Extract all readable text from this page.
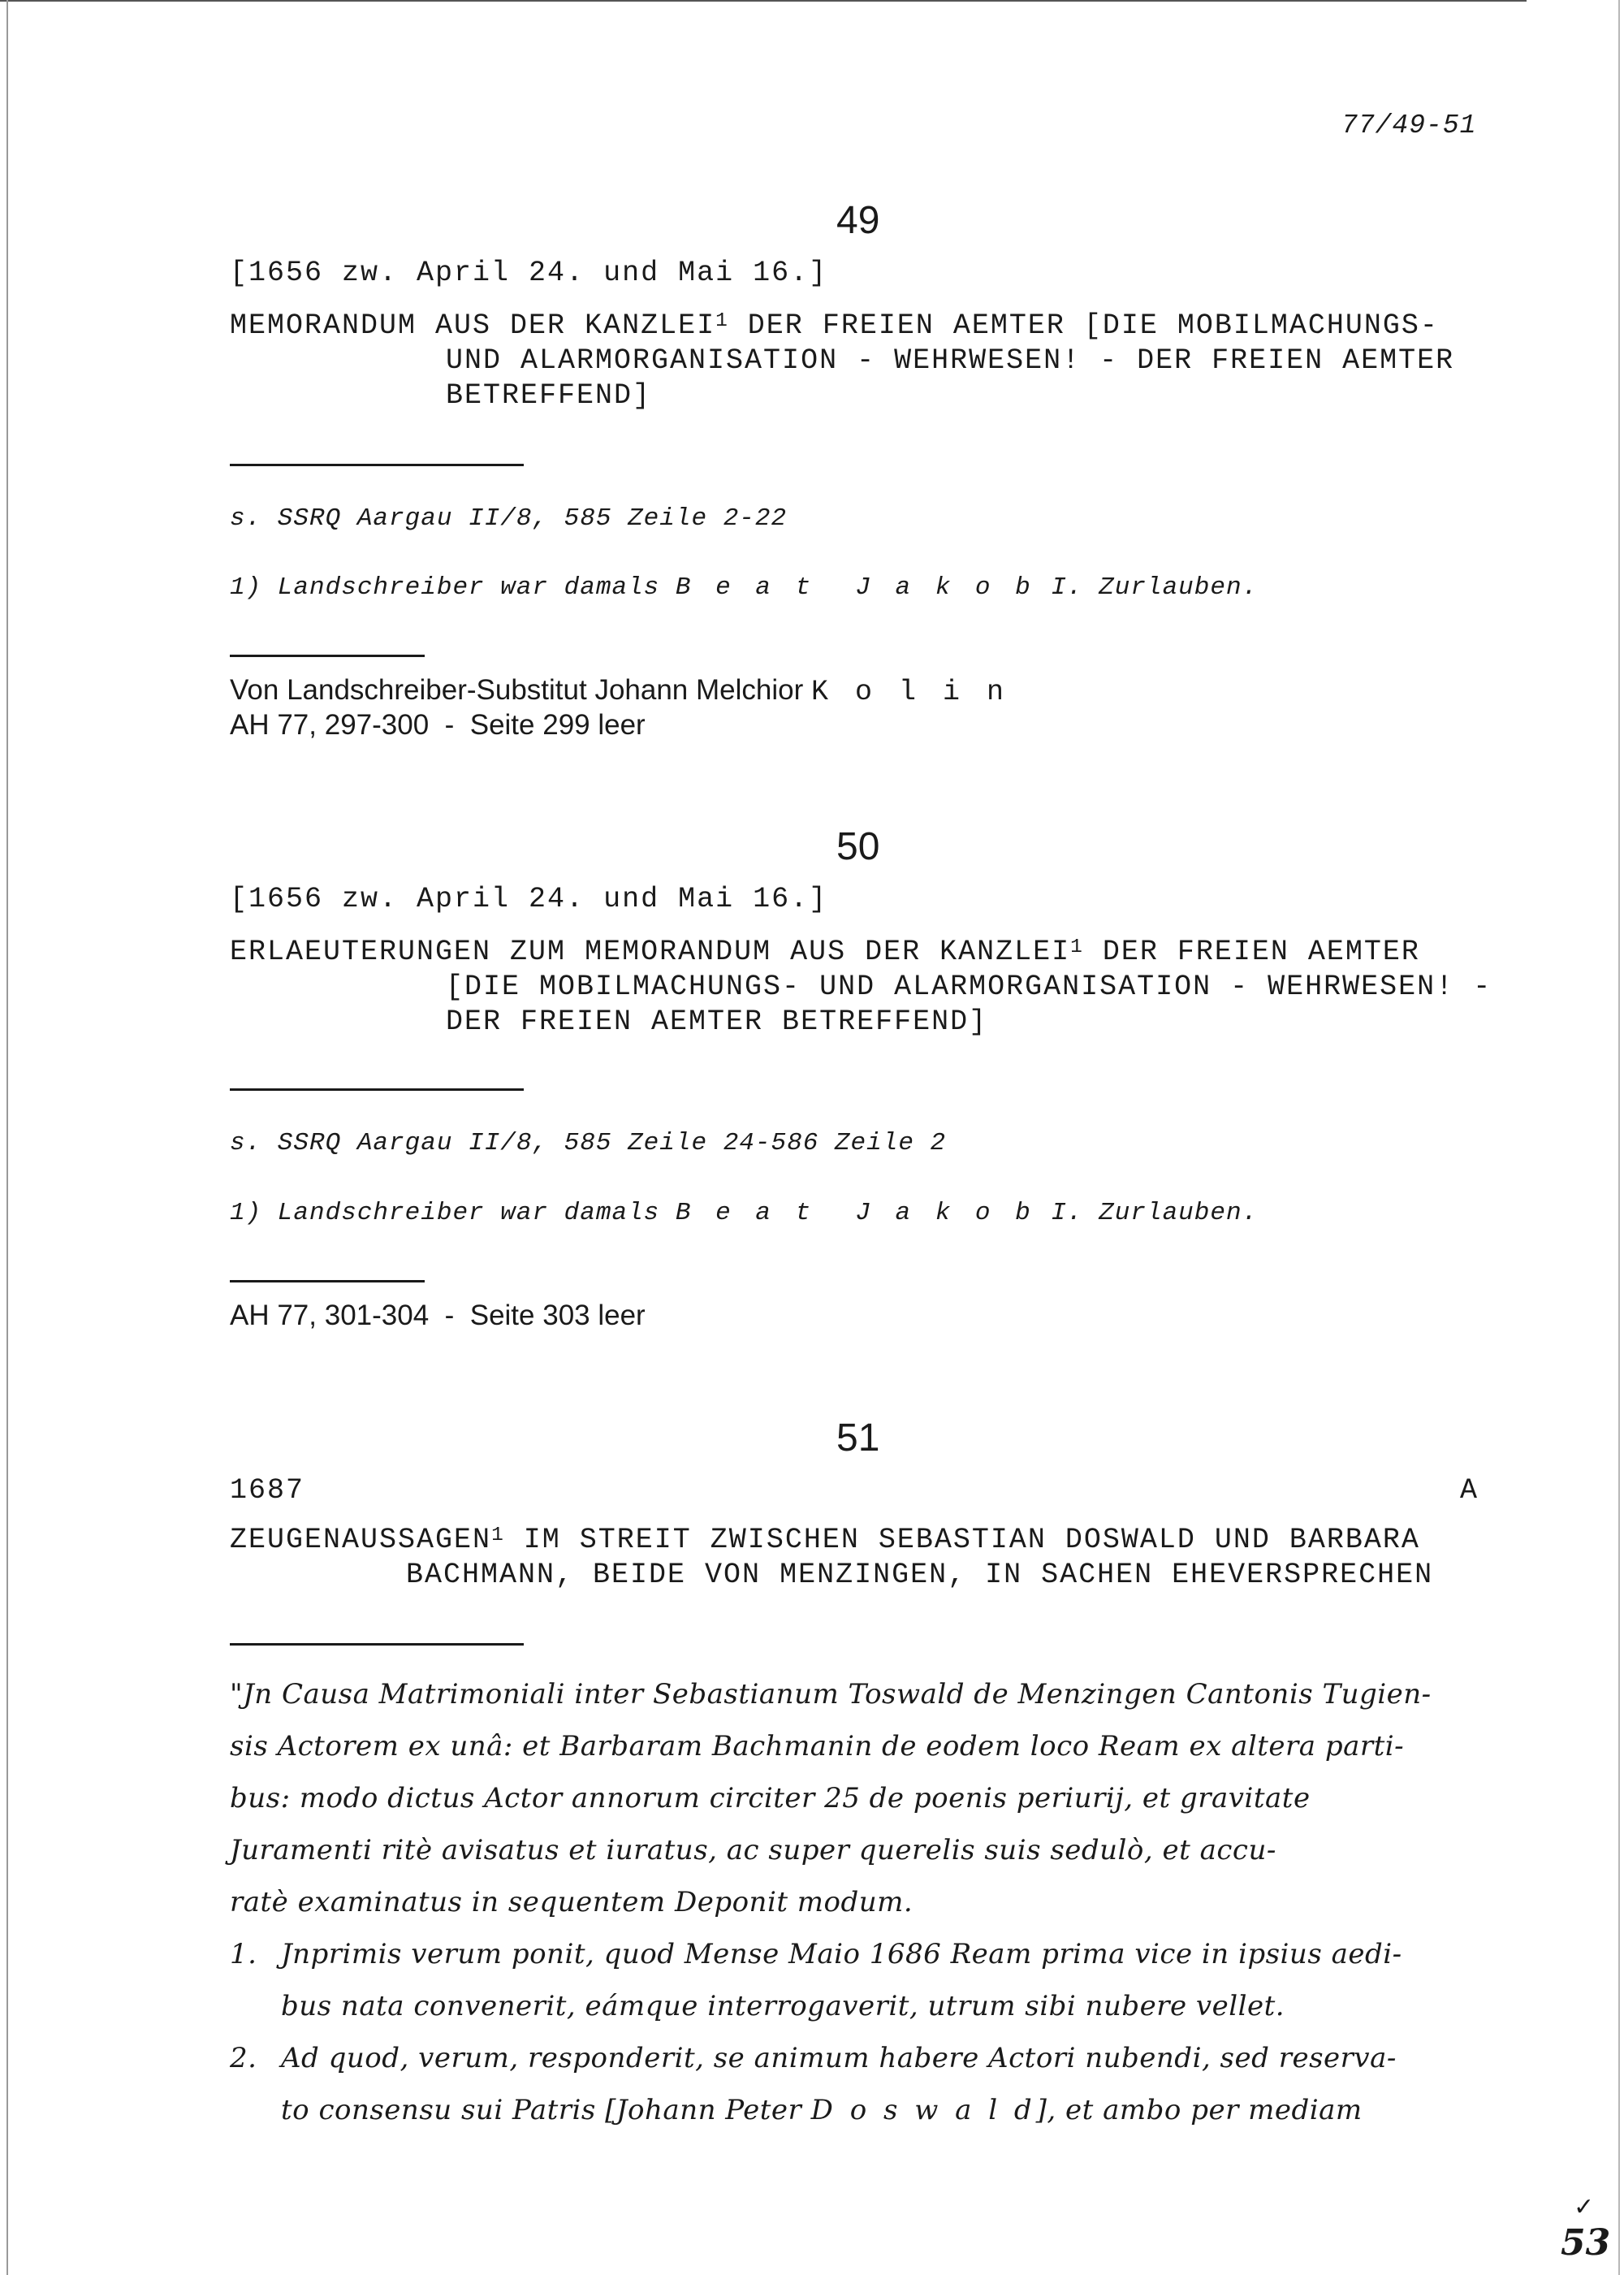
77/49-51
49
[1656 zw. April 24. und Mai 16.]
MEMORANDUM AUS DER KANZLEI$^1$ DER FREIEN AEMTER [DIE MOBILMACHUNGS-
UND ALARMORGANISATION - WEHRWESEN! - DER FREIEN AEMTER
BETREFFEND]
s. SSRQ Aargau II/8, 585 Zeile 2-22
1) Landschreiber war damals B e a t  J a k o b I. Zurlauben.
Von Landschreiber-Substitut Johann Melchior K o l i n
AH 77, 297-300  -  Seite 299 leer
50
[1656 zw. April 24. und Mai 16.]
ERLAEUTERUNGEN ZUM MEMORANDUM AUS DER KANZLEI$^1$ DER FREIEN AEMTER
[DIE MOBILMACHUNGS- UND ALARMORGANISATION - WEHRWESEN! -
DER FREIEN AEMTER BETREFFEND]
s. SSRQ Aargau II/8, 585 Zeile 24-586 Zeile 2
1) Landschreiber war damals B e a t  J a k o b I. Zurlauben.
AH 77, 301-304  -  Seite 303 leer
51
1687	A
ZEUGENAUSSAGEN$^1$ IM STREIT ZWISCHEN SEBASTIAN DOSWALD UND BARBARA
BACHMANN, BEIDE VON MENZINGEN, IN SACHEN EHEVERSPRECHEN
"Jn Causa Matrimoniali inter Sebastianum Toswald de Menzingen Cantonis Tugien-
sis Actorem ex unâ: et Barbaram Bachmanin de eodem loco Ream ex altera parti-
bus: modo dictus Actor annorum circiter 25 de poenis periurij, et gravitate
Juramenti ritè avisatus et iuratus, ac super querelis suis sedulò, et accu-
ratè examinatus in sequentem Deponit modum.
1. Jnprimis verum ponit, quod Mense Maio 1686 Ream prima vice in ipsius aedi-
bus nata convenerit, eámque interrogaverit, utrum sibi nubere vellet.
2. Ad quod, verum, responderit, se animum habere Actori nubendi, sed reserva-
to consensu sui Patris [Johann Peter D o s w a l d], et ambo per mediam
✓
53
